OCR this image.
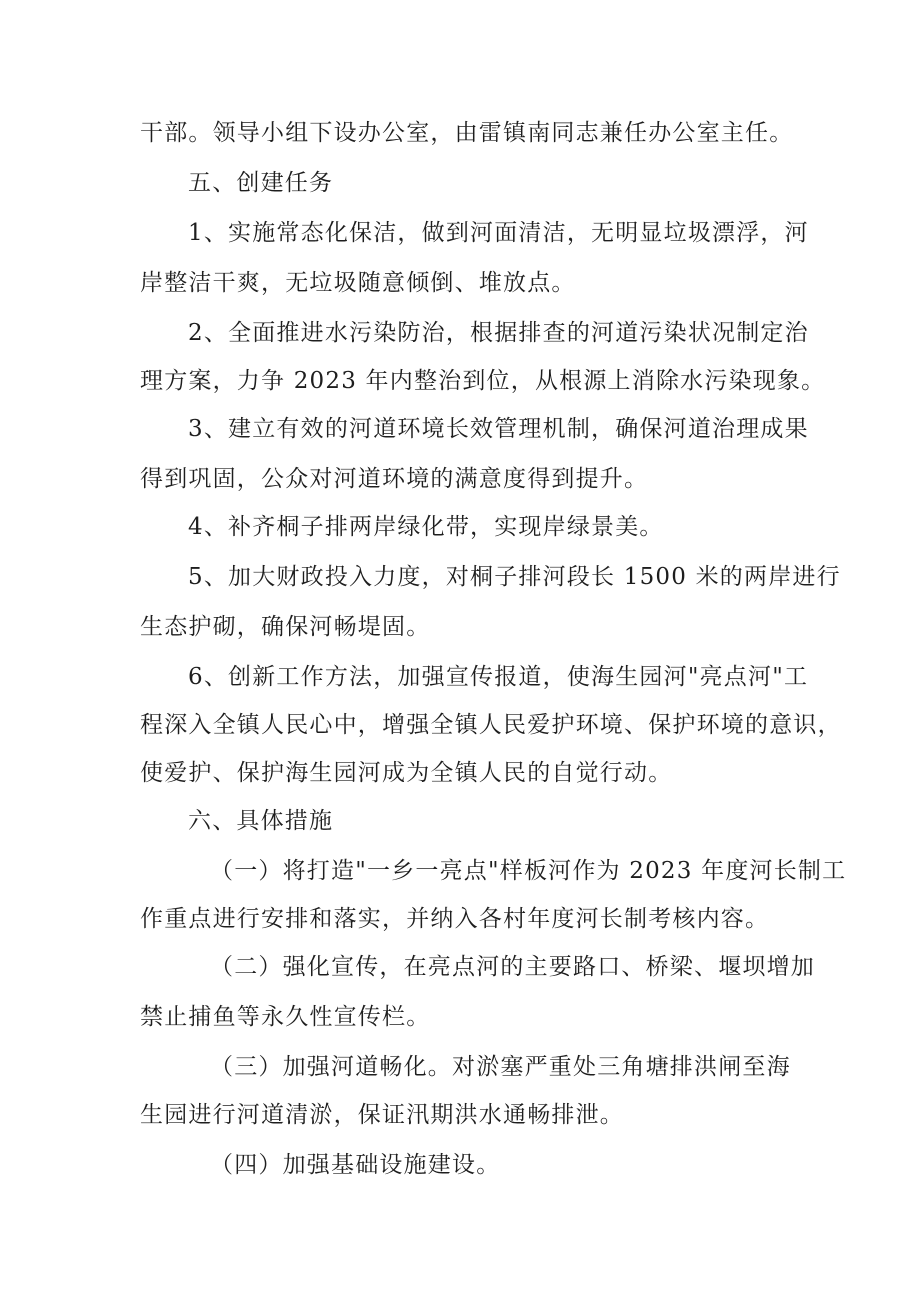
干部。领导小组下设办公室，由雷镇南同志兼任办公室主任。
五、创建任务
1、实施常态化保洁，做到河面清洁，无明显垃圾漂浮，河
岸整洁干爽，无垃圾随意倾倒、堆放点。
2、全面推进水污染防治，根据排查的河道污染状况制定治
理方案，力争 2023 年内整治到位，从根源上消除水污染现象。
3、建立有效的河道环境长效管理机制，确保河道治理成果
得到巩固，公众对河道环境的满意度得到提升。
4、补齐桐子排两岸绿化带，实现岸绿景美。
5、加大财政投入力度，对桐子排河段长 1500 米的两岸进行
生态护砌，确保河畅堤固。
6、创新工作方法，加强宣传报道，使海生园河"亮点河"工
程深入全镇人民心中，增强全镇人民爱护环境、保护环境的意识，
使爱护、保护海生园河成为全镇人民的自觉行动。
六、具体措施
（一）将打造"一乡一亮点"样板河作为 2023 年度河长制工
作重点进行安排和落实，并纳入各村年度河长制考核内容。
（二）强化宣传，在亮点河的主要路口、桥梁、堰坝增加
禁止捕鱼等永久性宣传栏。
（三）加强河道畅化。对淤塞严重处三角塘排洪闸至海
生园进行河道清淤，保证汛期洪水通畅排泄。
（四）加强基础设施建设。
